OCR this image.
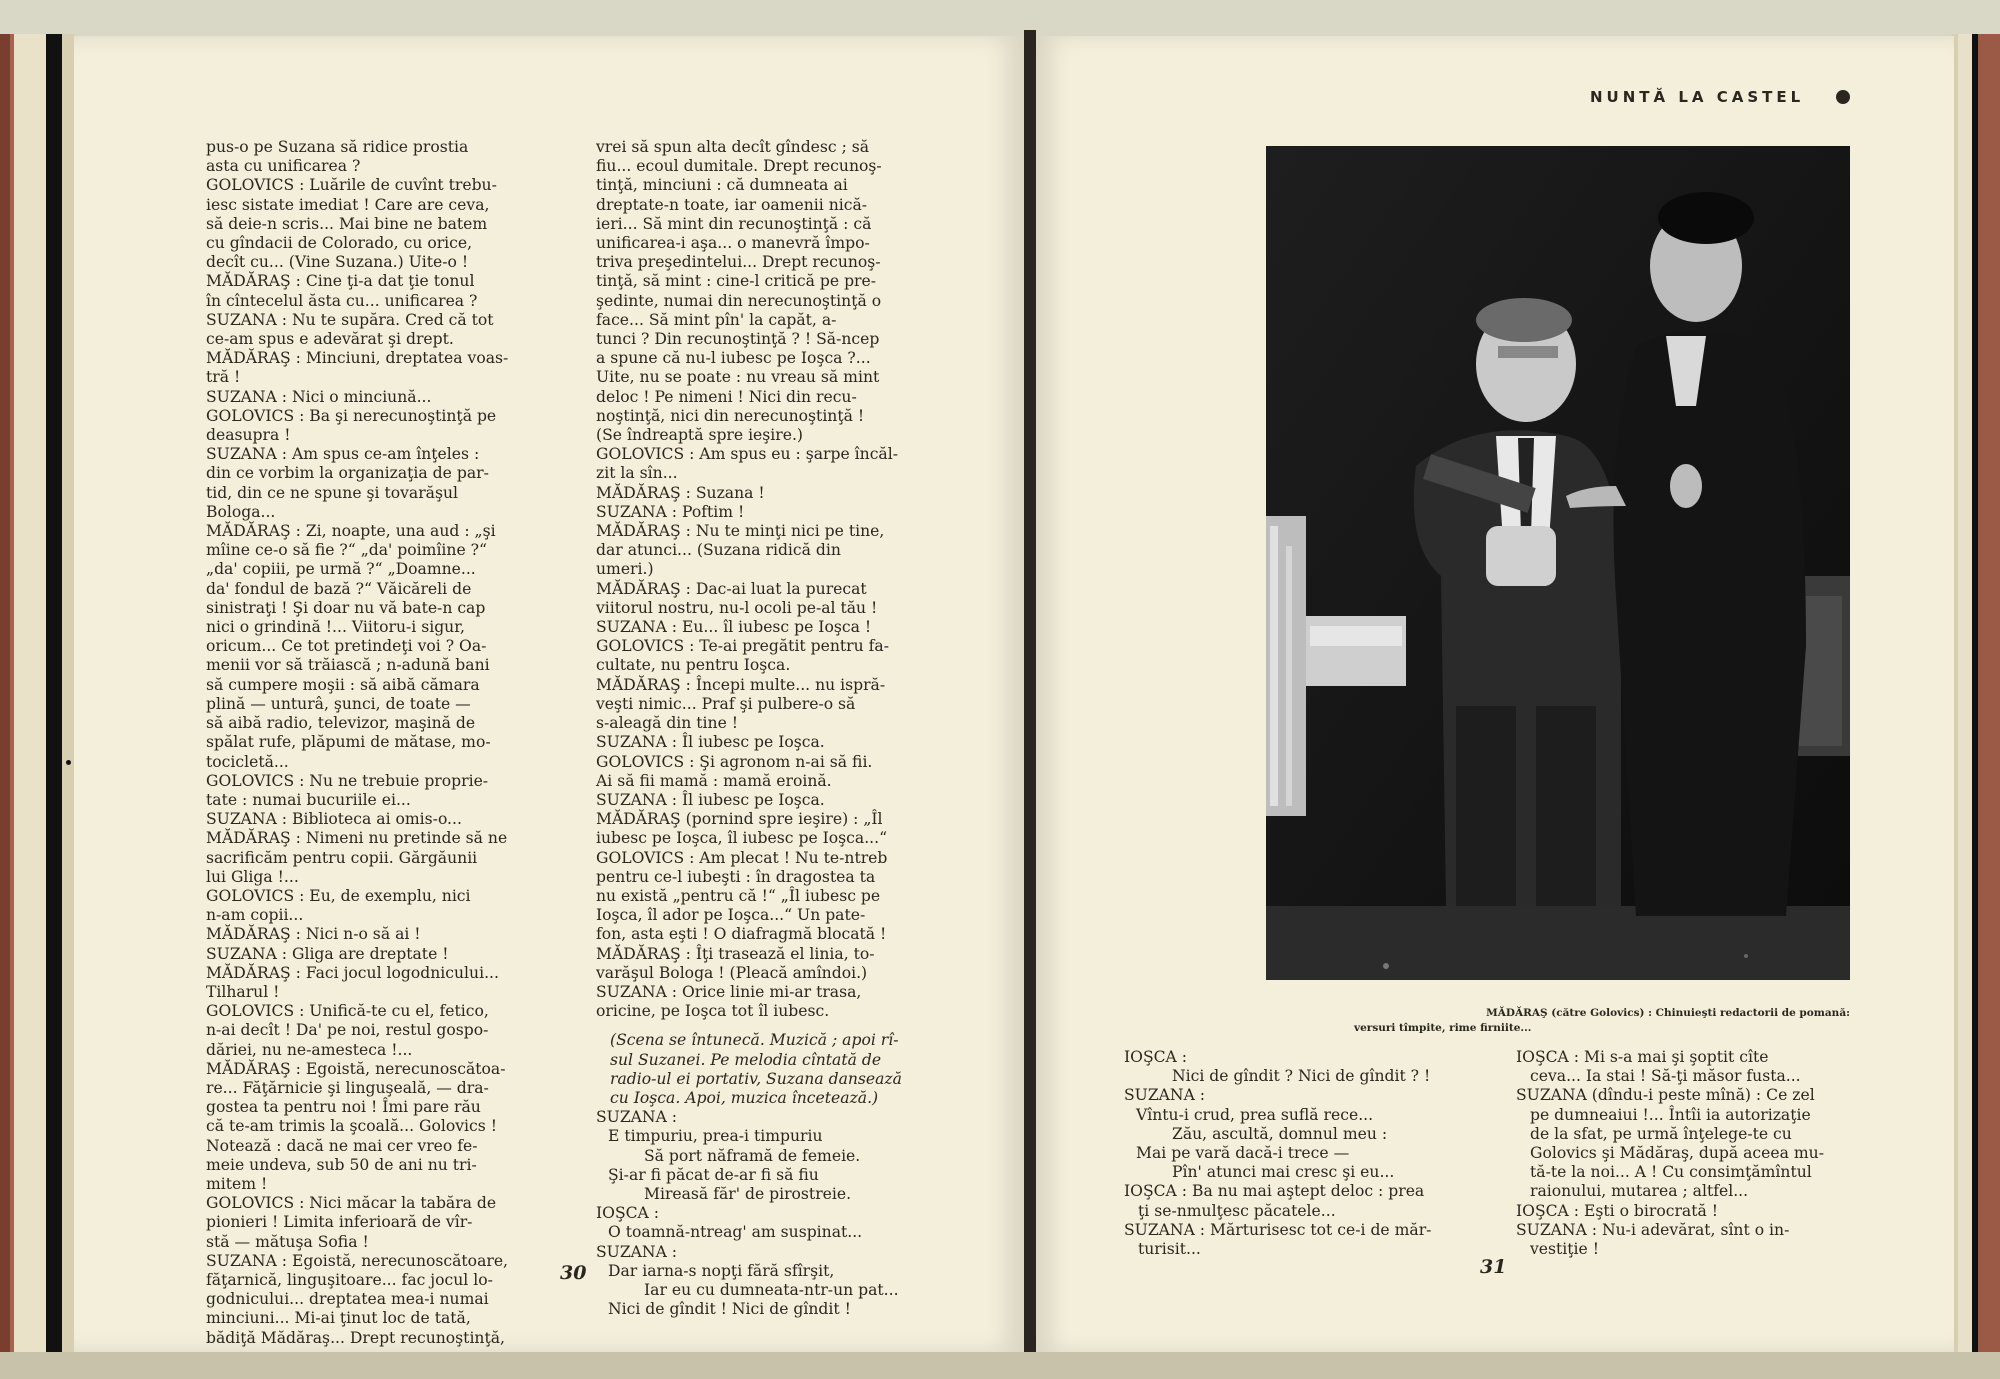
pus-o pe Suzana să ridice prostia
asta cu unificarea ?
GOLOVICS : Luările de cuvînt trebu-
iesc sistate imediat ! Care are ceva,
să deie-n scris... Mai bine ne batem
cu gîndacii de Colorado, cu orice,
decît cu... (Vine Suzana.) Uite-o !
MĂDĂRAŞ : Cine ţi-a dat ţie tonul
în cîntecelul ăsta cu... unificarea ?
SUZANA : Nu te supăra. Cred că tot
ce-am spus e adevărat şi drept.
MĂDĂRAŞ : Minciuni, dreptatea voas-
tră !
SUZANA : Nici o minciună...
GOLOVICS : Ba şi nerecunoştinţă pe
deasupra !
SUZANA : Am spus ce-am înţeles :
din ce vorbim la organizaţia de par-
tid, din ce ne spune şi tovarăşul
Bologa...
MĂDĂRAŞ : Zi, noapte, una aud : „şi
mîine ce-o să fie ?“ „da' poimîine ?“
„da' copiii, pe urmă ?“ „Doamne...
da' fondul de bază ?“ Văicăreli de
sinistraţi ! Şi doar nu vă bate-n cap
nici o grindină !... Viitoru-i sigur,
oricum... Ce tot pretindeţi voi ? Oa-
menii vor să trăiască ; n-adună bani
să cumpere moşii : să aibă cămara
plină — unturâ, şunci, de toate —
să aibă radio, televizor, maşină de
spălat rufe, plăpumi de mătase, mo-
tocicletă...
GOLOVICS : Nu ne trebuie proprie-
tate : numai bucuriile ei...
SUZANA : Biblioteca ai omis-o...
MĂDĂRAŞ : Nimeni nu pretinde să ne
sacrificăm pentru copii. Gărgăunii
lui Gliga !...
GOLOVICS : Eu, de exemplu, nici
n-am copii...
MĂDĂRAŞ : Nici n-o să ai !
SUZANA : Gliga are dreptate !
MĂDĂRAŞ : Faci jocul logodnicului...
Tilharul !
GOLOVICS : Unifică-te cu el, fetico,
n-ai decît ! Da' pe noi, restul gospo-
dăriei, nu ne-amesteca !...
MĂDĂRAŞ : Egoistă, nerecunoscătoa-
re... Făţărnicie şi linguşeală, — dra-
gostea ta pentru noi ! Îmi pare rău
că te-am trimis la şcoală... Golovics !
Notează : dacă ne mai cer vreo fe-
meie undeva, sub 50 de ani nu tri-
mitem !
GOLOVICS : Nici măcar la tabăra de
pionieri ! Limita inferioară de vîr-
stă — mătuşa Sofia !
SUZANA : Egoistă, nerecunoscătoare,
făţarnică, linguşitoare... fac jocul lo-
godnicului... dreptatea mea-i numai
minciuni... Mi-ai ţinut loc de tată,
bădiţă Mădăraş... Drept recunoştinţă,
vrei să spun alta decît gîndesc ; să
fiu... ecoul dumitale. Drept recunoş-
tinţă, minciuni : că dumneata ai
dreptate-n toate, iar oamenii nică-
ieri... Să mint din recunoştinţă : că
unificarea-i aşa... o manevră împo-
triva preşedintelui... Drept recunoş-
tinţă, să mint : cine-l critică pe pre-
şedinte, numai din nerecunoştinţă o
face... Să mint pîn' la capăt, a-
tunci ? Din recunoştinţă ? ! Să-ncep
a spune că nu-l iubesc pe Ioşca ?...
Uite, nu se poate : nu vreau să mint
deloc ! Pe nimeni ! Nici din recu-
noştinţă, nici din nerecunoştinţă !
(Se îndreaptă spre ieşire.)
GOLOVICS : Am spus eu : şarpe încăl-
zit la sîn...
MĂDĂRAŞ : Suzana !
SUZANA : Poftim !
MĂDĂRAŞ : Nu te minţi nici pe tine,
dar atunci... (Suzana ridică din
umeri.)
MĂDĂRAŞ : Dac-ai luat la purecat
viitorul nostru, nu-l ocoli pe-al tău !
SUZANA : Eu... îl iubesc pe Ioşca !
GOLOVICS : Te-ai pregătit pentru fa-
cultate, nu pentru Ioşca.
MĂDĂRAŞ : Începi multe... nu ispră-
veşti nimic... Praf şi pulbere-o să
s-aleagă din tine !
SUZANA : Îl iubesc pe Ioşca.
GOLOVICS : Şi agronom n-ai să fii.
Ai să fii mamă : mamă eroină.
SUZANA : Îl iubesc pe Ioşca.
MĂDĂRAŞ (pornind spre ieşire) : „Îl
iubesc pe Ioşca, îl iubesc pe Ioşca...“
GOLOVICS : Am plecat ! Nu te-ntreb
pentru ce-l iubeşti : în dragostea ta
nu există „pentru că !“ „Îl iubesc pe
Ioşca, îl ador pe Ioşca...“ Un pate-
fon, asta eşti ! O diafragmă blocată !
MĂDĂRAŞ : Îţi trasează el linia, to-
varăşul Bologa ! (Pleacă amîndoi.)
SUZANA : Orice linie mi-ar trasa,
oricine, pe Ioşca tot îl iubesc.
(Scena se întunecă. Muzică ; apoi rî-
sul Suzanei. Pe melodia cîntată de
radio-ul ei portativ, Suzana dansează
cu Ioşca. Apoi, muzica încetează.)
SUZANA :
E timpuriu, prea-i timpuriu
Să port năframă de femeie.
Şi-ar fi păcat de-ar fi să fiu
Mireasă făr' de pirostreie.
IOŞCA :
O toamnă-ntreag' am suspinat...
SUZANA :
Dar iarna-s nopţi fără sfîrşit,
Iar eu cu dumneata-ntr-un pat...
Nici de gîndit ! Nici de gîndit !
30
NUNTĂ LA CASTEL
MĂDĂRAŞ (către Golovics) : Chinuieşti redactorii de pomană:
versuri tîmpite, rime firniite...
IOŞCA :
Nici de gîndit ? Nici de gîndit ? !
SUZANA :
Vîntu-i crud, prea suflă rece...
Zău, ascultă, domnul meu :
Mai pe vară dacă-i trece —
Pîn' atunci mai cresc şi eu...
IOŞCA : Ba nu mai aştept deloc : prea
ţi se-nmulţesc păcatele...
SUZANA : Mărturisesc tot ce-i de măr-
turisit...
IOŞCA : Mi s-a mai şi şoptit cîte
ceva... Ia stai ! Să-ţi măsor fusta...
SUZANA (dîndu-i peste mînă) : Ce zel
pe dumneaiui !... Întîi ia autorizaţie
de la sfat, pe urmă înţelege-te cu
Golovics şi Mădăraş, după aceea mu-
tă-te la noi... A ! Cu consimţămîntul
raionului, mutarea ; altfel...
IOŞCA : Eşti o birocrată !
SUZANA : Nu-i adevărat, sînt o in-
vestiţie !
31
